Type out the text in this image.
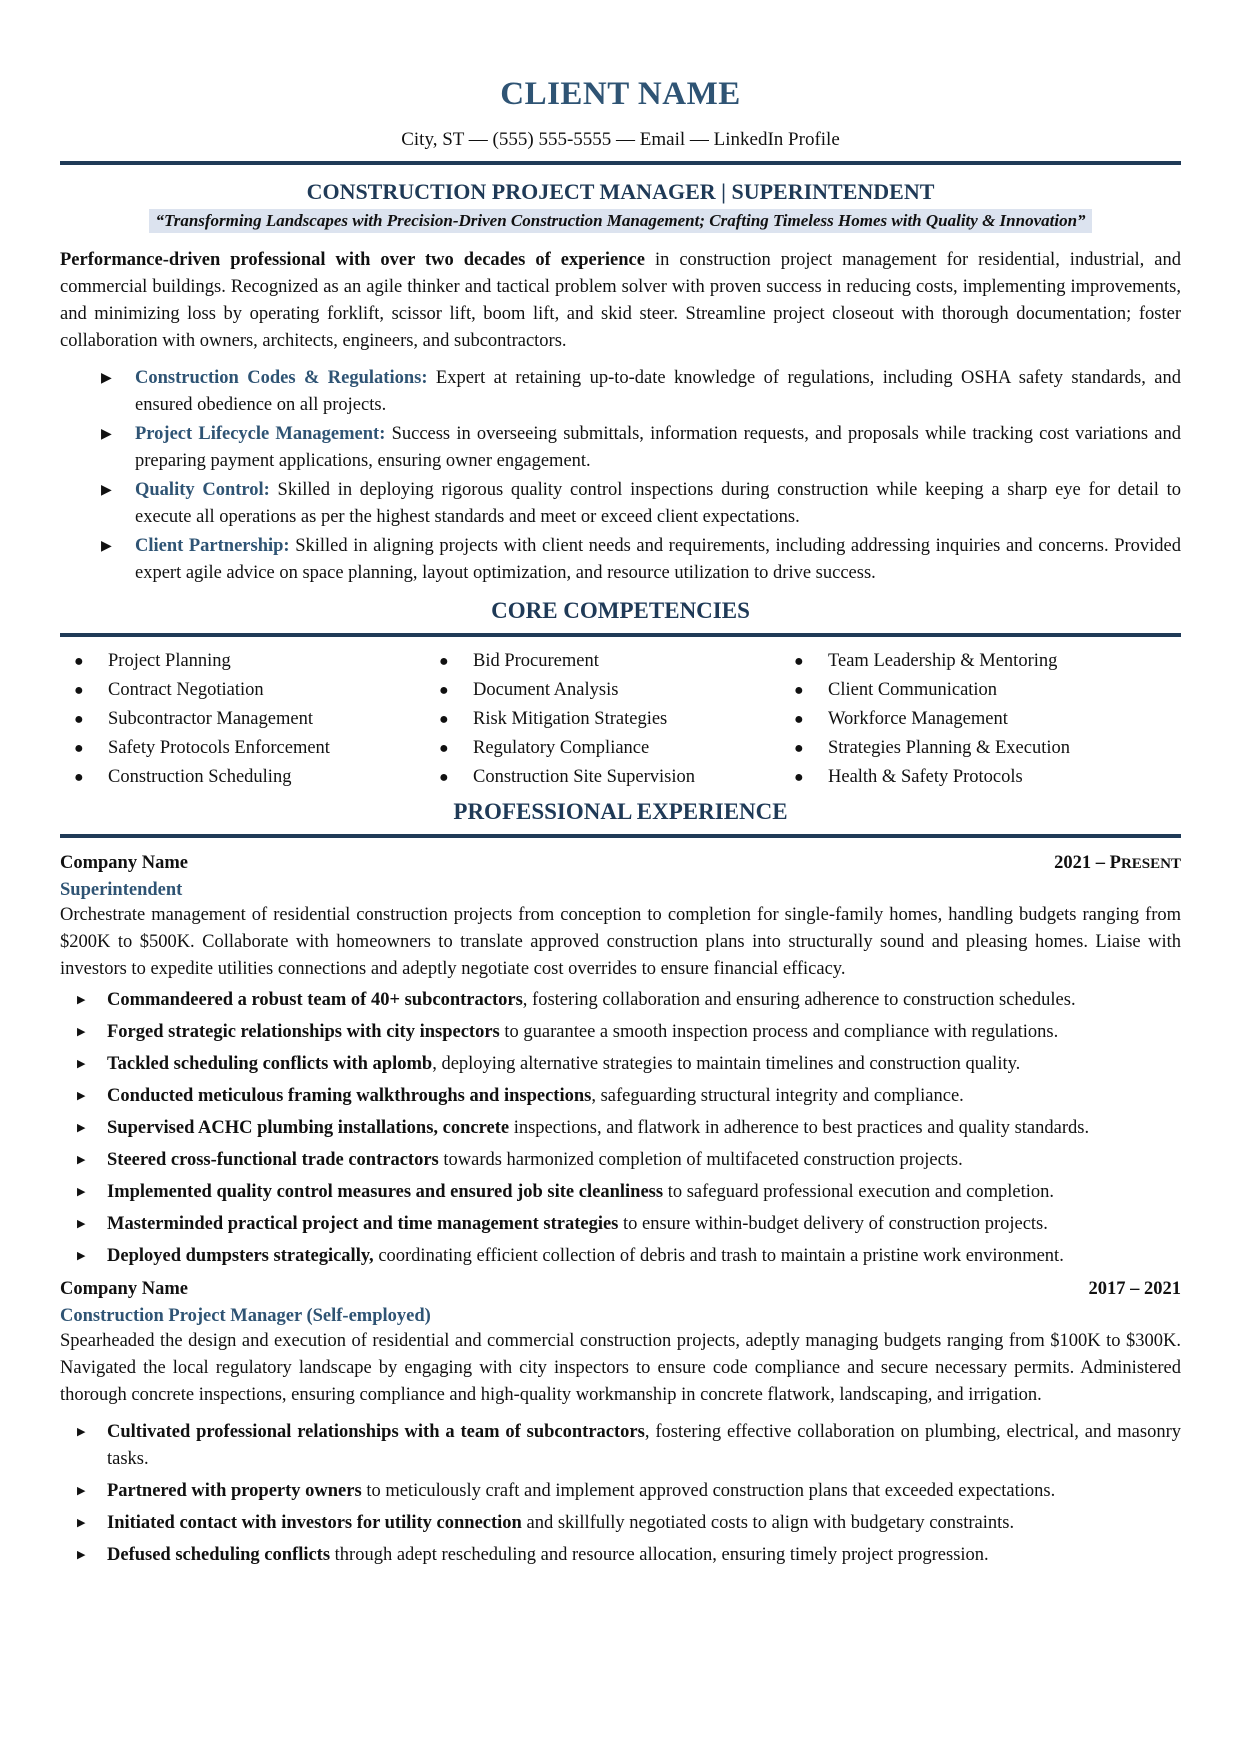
CLIENT NAME
City, ST — (555) 555-5555 — Email — LinkedIn Profile
CONSTRUCTION PROJECT MANAGER | SUPERINTENDENT
“Transforming Landscapes with Precision-Driven Construction Management; Crafting Timeless Homes with Quality & Innovation”
Performance-driven professional with over two decades of experience in construction project management for residential, industrial, and commercial buildings. Recognized as an agile thinker and tactical problem solver with proven success in reducing costs, implementing improvements, and minimizing loss by operating forklift, scissor lift, boom lift, and skid steer. Streamline project closeout with thorough documentation; foster collaboration with owners, architects, engineers, and subcontractors.
▶ Construction Codes & Regulations: Expert at retaining up-to-date knowledge of regulations, including OSHA safety standards, and ensured obedience on all projects.
▶ Project Lifecycle Management: Success in overseeing submittals, information requests, and proposals while tracking cost variations and preparing payment applications, ensuring owner engagement.
▶ Quality Control: Skilled in deploying rigorous quality control inspections during construction while keeping a sharp eye for detail to execute all operations as per the highest standards and meet or exceed client expectations.
▶ Client Partnership: Skilled in aligning projects with client needs and requirements, including addressing inquiries and concerns. Provided expert agile advice on space planning, layout optimization, and resource utilization to drive success.
CORE COMPETENCIES
● Project Planning
● Contract Negotiation
● Subcontractor Management
● Safety Protocols Enforcement
● Construction Scheduling
● Bid Procurement
● Document Analysis
● Risk Mitigation Strategies
● Regulatory Compliance
● Construction Site Supervision
● Team Leadership & Mentoring
● Client Communication
● Workforce Management
● Strategies Planning & Execution
● Health & Safety Protocols
PROFESSIONAL EXPERIENCE
Company Name	2021 – PRESENT
Superintendent
Orchestrate management of residential construction projects from conception to completion for single-family homes, handling budgets ranging from $200K to $500K. Collaborate with homeowners to translate approved construction plans into structurally sound and pleasing homes. Liaise with investors to expedite utilities connections and adeptly negotiate cost overrides to ensure financial efficacy.
▶ Commandeered a robust team of 40+ subcontractors, fostering collaboration and ensuring adherence to construction schedules.
▶ Forged strategic relationships with city inspectors to guarantee a smooth inspection process and compliance with regulations.
▶ Tackled scheduling conflicts with aplomb, deploying alternative strategies to maintain timelines and construction quality.
▶ Conducted meticulous framing walkthroughs and inspections, safeguarding structural integrity and compliance.
▶ Supervised ACHC plumbing installations, concrete inspections, and flatwork in adherence to best practices and quality standards.
▶ Steered cross-functional trade contractors towards harmonized completion of multifaceted construction projects.
▶ Implemented quality control measures and ensured job site cleanliness to safeguard professional execution and completion.
▶ Masterminded practical project and time management strategies to ensure within-budget delivery of construction projects.
▶ Deployed dumpsters strategically, coordinating efficient collection of debris and trash to maintain a pristine work environment.
Company Name	2017 – 2021
Construction Project Manager (Self-employed)
Spearheaded the design and execution of residential and commercial construction projects, adeptly managing budgets ranging from $100K to $300K. Navigated the local regulatory landscape by engaging with city inspectors to ensure code compliance and secure necessary permits. Administered thorough concrete inspections, ensuring compliance and high-quality workmanship in concrete flatwork, landscaping, and irrigation.
▶ Cultivated professional relationships with a team of subcontractors, fostering effective collaboration on plumbing, electrical, and masonry tasks.
▶ Partnered with property owners to meticulously craft and implement approved construction plans that exceeded expectations.
▶ Initiated contact with investors for utility connection and skillfully negotiated costs to align with budgetary constraints.
▶ Defused scheduling conflicts through adept rescheduling and resource allocation, ensuring timely project progression.
